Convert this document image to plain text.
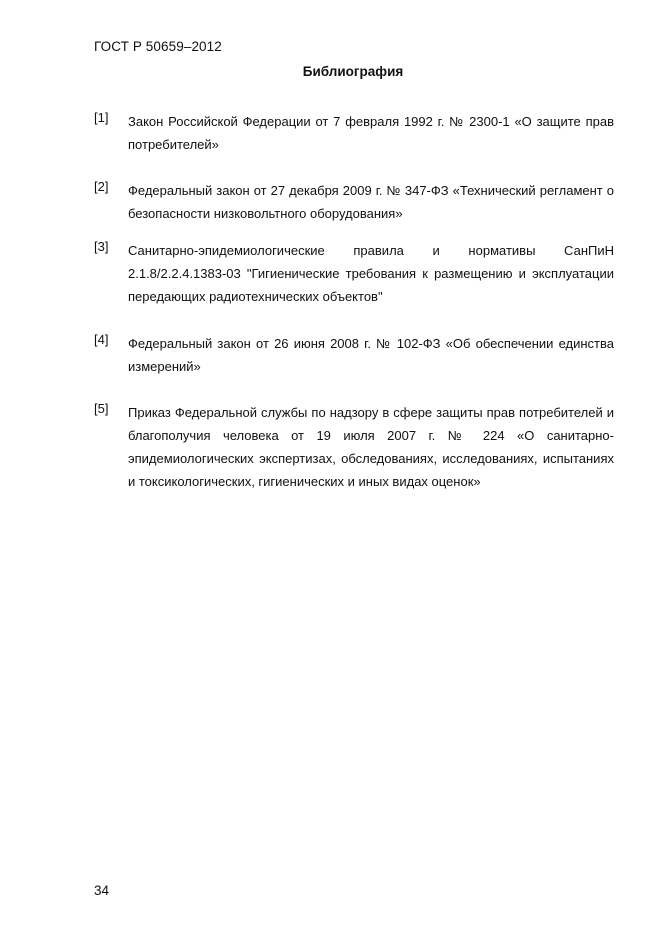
ГОСТ Р 50659–2012
Библиография
[1] Закон Российской Федерации от 7 февраля 1992 г. № 2300-1 «О защите прав потребителей»
[2] Федеральный закон от 27 декабря 2009 г. № 347-ФЗ «Технический регламент о безопасности низковольтного оборудования»
[3] Санитарно-эпидемиологические правила и нормативы СанПиН 2.1.8/2.2.4.1383-03 "Гигиенические требования к размещению и эксплуатации передающих радиотехнических объектов"
[4] Федеральный закон от 26 июня 2008 г. № 102-ФЗ «Об обеспечении единства измерений»
[5] Приказ Федеральной службы по надзору в сфере защиты прав потребителей и благополучия человека от 19 июля 2007 г. № 224 «О санитарно-эпидемиологических экспертизах, обследованиях, исследованиях, испытаниях и токсикологических, гигиенических и иных видах оценок»
34
